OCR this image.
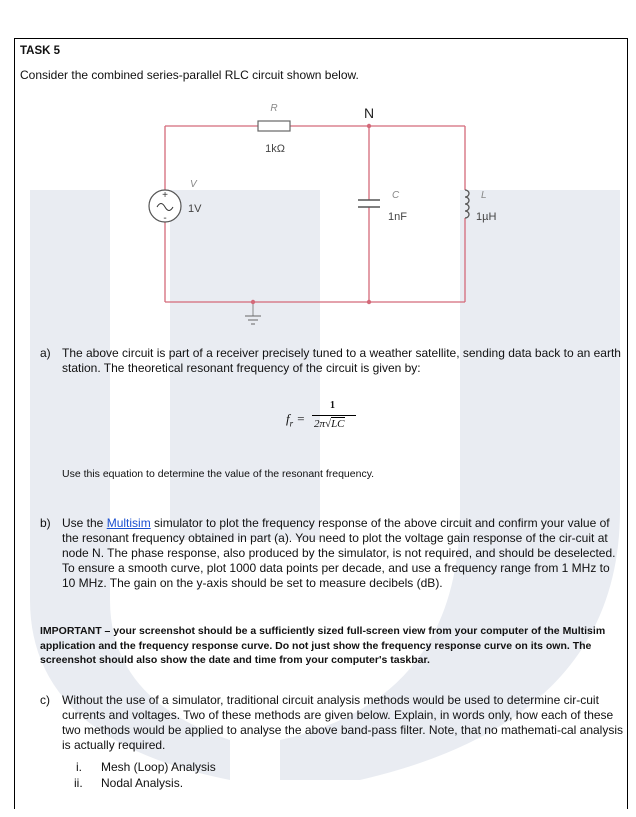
TASK 5
Consider the combined series-parallel RLC circuit shown below.
+
-
R
1kΩ
N
V
1V
C
1nF
L
1µH
a) The above circuit is part of a receiver precisely tuned to a weather satellite, sending data back to an earth station. The theoretical resonant frequency of the circuit is given by:
$f_r$ =
1
2π√LC
Use this equation to determine the value of the resonant frequency.
b) Use the Multisim simulator to plot the frequency response of the above circuit and confirm your value of the resonant frequency obtained in part (a). You need to plot the voltage gain response of the cir-cuit at node N. The phase response, also produced by the simulator, is not required, and should be deselected. To ensure a smooth curve, plot 1000 data points per decade, and use a frequency range from 1 MHz to 10 MHz. The gain on the y-axis should be set to measure decibels (dB).
IMPORTANT – your screenshot should be a sufficiently sized full-screen view from your computer of the Multisim application and the frequency response curve. Do not just show the frequency response curve on its own. The screenshot should also show the date and time from your computer's taskbar.
c) Without the use of a simulator, traditional circuit analysis methods would be used to determine cir-cuit currents and voltages. Two of these methods are given below. Explain, in words only, how each of these two methods would be applied to analyse the above band-pass filter. Note, that no mathemati-cal analysis is actually required.
i. Mesh (Loop) Analysis
ii. Nodal Analysis.
